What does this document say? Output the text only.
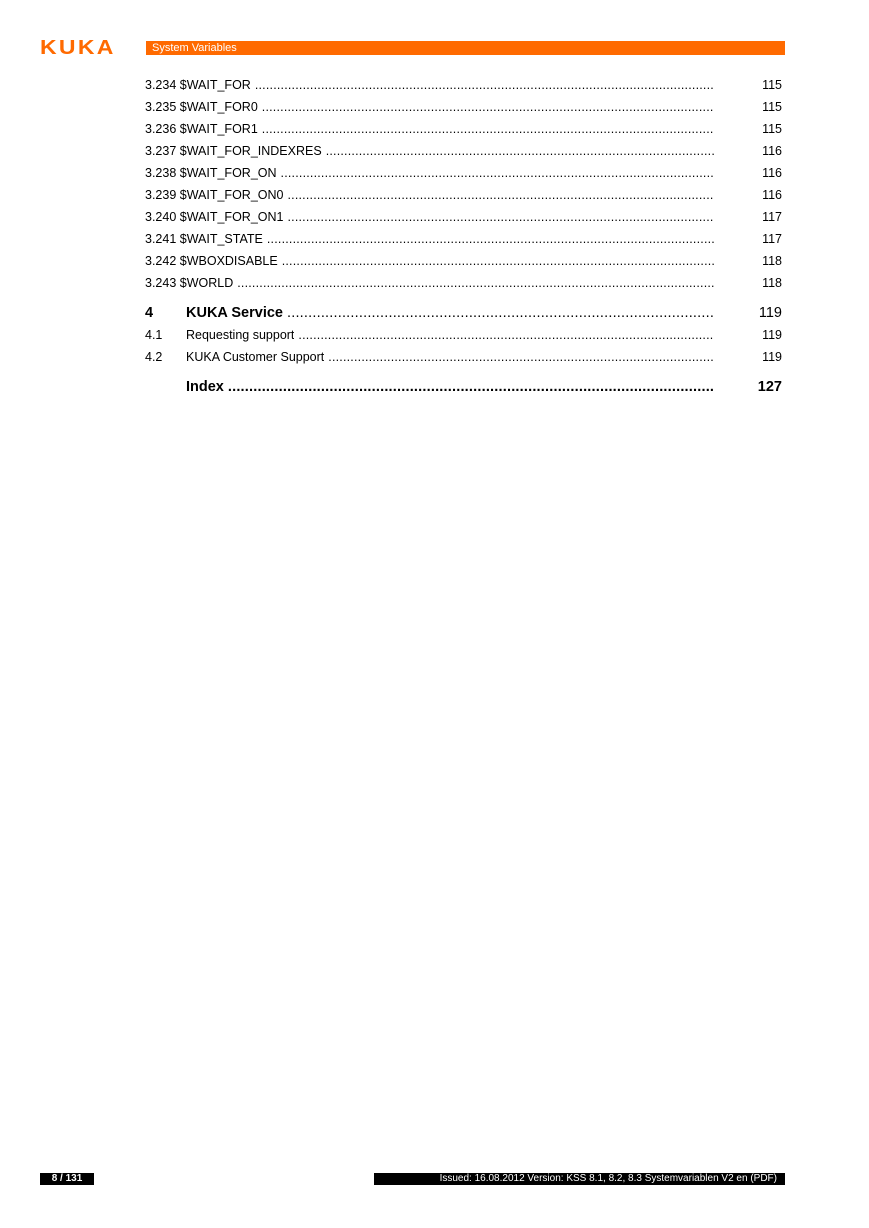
KUKA	System Variables
3.234 $WAIT_FOR .....	115
3.235 $WAIT_FOR0 .....	115
3.236 $WAIT_FOR1 .....	115
3.237 $WAIT_FOR_INDEXRES .....	116
3.238 $WAIT_FOR_ON .....	116
3.239 $WAIT_FOR_ON0 .....	116
3.240 $WAIT_FOR_ON1 .....	117
3.241 $WAIT_STATE .....	117
3.242 $WBOXDISABLE .....	118
3.243 $WORLD .....	118
4	KUKA Service .....	119
4.1	Requesting support .....	119
4.2	KUKA Customer Support .....	119
Index .....	127
8 / 131	Issued: 16.08.2012 Version: KSS 8.1, 8.2, 8.3 Systemvariablen V2 en (PDF)
